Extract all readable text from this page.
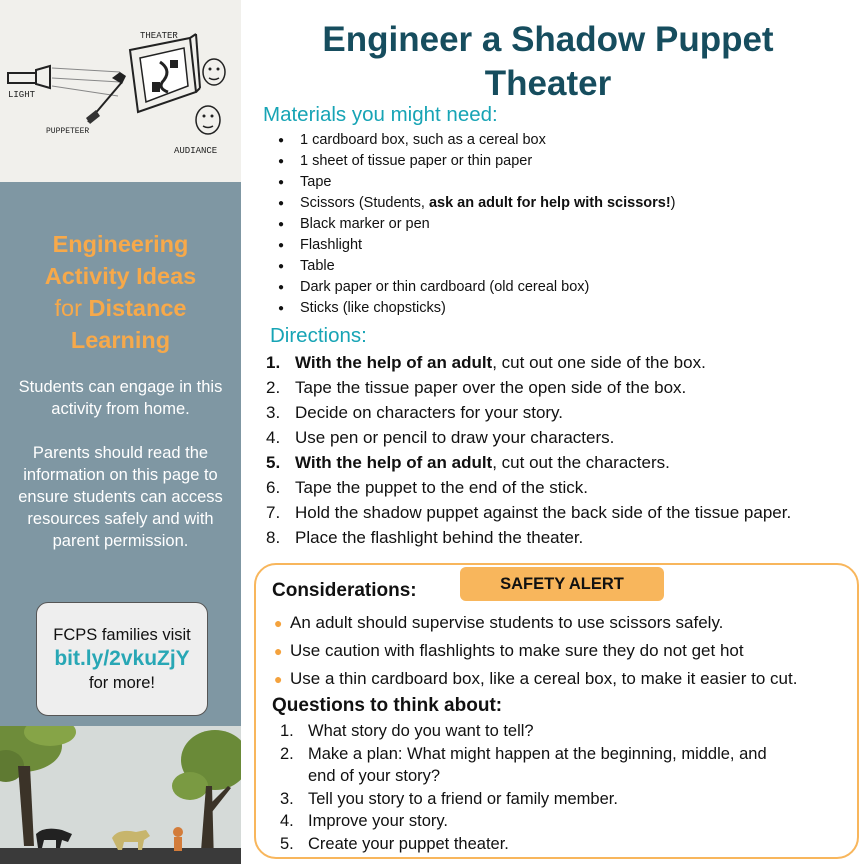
THEATER
LIGHT
PUPPETEER
AUDIANCE
Engineering
Activity Ideas
for Distance
Learning

Students can engage in this activity from home.

Parents should read the information on this page to ensure students can access resources safely and with parent permission.

FCPS families visit
bit.ly/2vkuZjY
for more!
Engineer a Shadow Puppet Theater
Materials you might need:
● 1 cardboard box, such as a cereal box
● 1 sheet of tissue paper or thin paper
● Tape
● Scissors (Students, ask an adult for help with scissors!)
● Black marker or pen
● Flashlight
● Table
● Dark paper or thin cardboard (old cereal box)
● Sticks (like chopsticks)
Directions:
1. With the help of an adult, cut out one side of the box.
2. Tape the tissue paper over the open side of the box.
3. Decide on characters for your story.
4. Use pen or pencil to draw your characters.
5. With the help of an adult, cut out the characters.
6. Tape the puppet to the end of the stick.
7. Hold the shadow puppet against the back side of the tissue paper.
8. Place the flashlight behind the theater.
Considerations:	SAFETY ALERT
● An adult should supervise students to use scissors safely.
● Use caution with flashlights to make sure they do not get hot
● Use a thin cardboard box, like a cereal box, to make it easier to cut.
Questions to think about:
1. What story do you want to tell?
2. Make a plan: What might happen at the beginning, middle, and
end of your story?
3. Tell you story to a friend or family member.
4. Improve your story.
5. Create your puppet theater.
